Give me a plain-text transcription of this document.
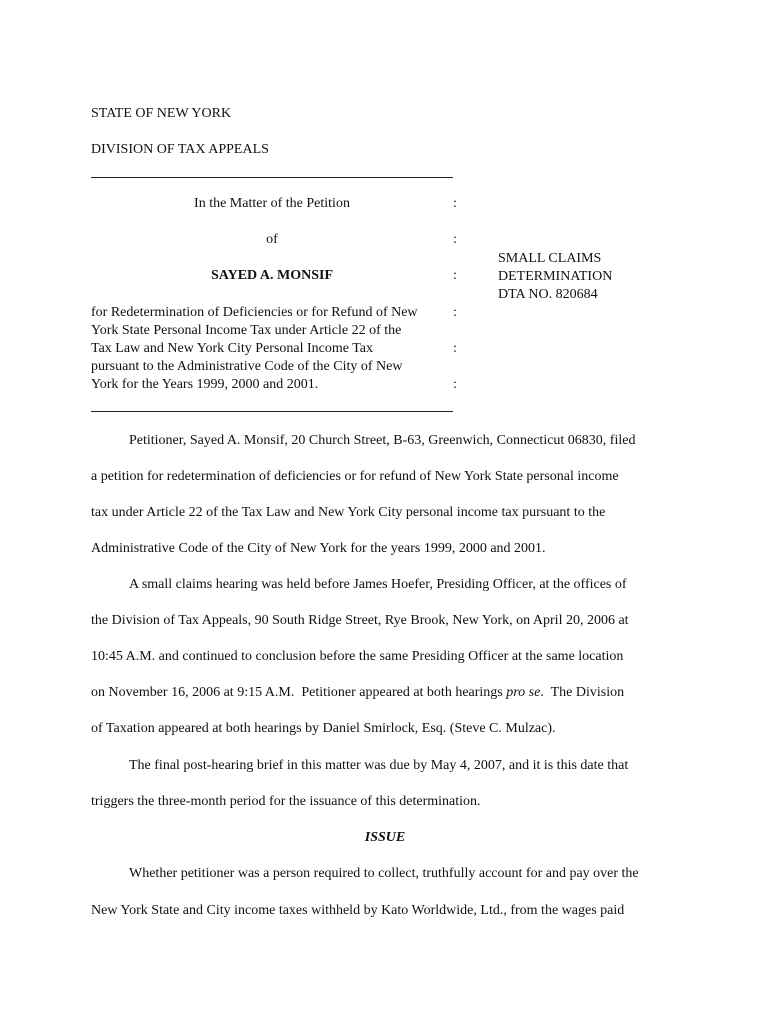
STATE OF NEW YORK
DIVISION OF TAX APPEALS
In the Matter of the Petition	:
of	:
SAYED A. MONSIF	:
for Redetermination of Deficiencies or for Refund of New
York State Personal Income Tax under Article 22 of the
Tax Law and New York City Personal Income Tax
pursuant to the Administrative Code of the City of New
York for the Years 1999, 2000 and 2001.
:
:
:
SMALL CLAIMS
DETERMINATION
DTA NO. 820684
Petitioner, Sayed A. Monsif, 20 Church Street, B-63, Greenwich, Connecticut 06830, filed
a petition for redetermination of deficiencies or for refund of New York State personal income
tax under Article 22 of the Tax Law and New York City personal income tax pursuant to the
Administrative Code of the City of New York for the years 1999, 2000 and 2001.
A small claims hearing was held before James Hoefer, Presiding Officer, at the offices of
the Division of Tax Appeals, 90 South Ridge Street, Rye Brook, New York, on April 20, 2006 at
10:45 A.M. and continued to conclusion before the same Presiding Officer at the same location
on November 16, 2006 at 9:15 A.M.  Petitioner appeared at both hearings pro se.  The Division
of Taxation appeared at both hearings by Daniel Smirlock, Esq. (Steve C. Mulzac).
The final post-hearing brief in this matter was due by May 4, 2007, and it is this date that
triggers the three-month period for the issuance of this determination.
ISSUE
Whether petitioner was a person required to collect, truthfully account for and pay over the
New York State and City income taxes withheld by Kato Worldwide, Ltd., from the wages paid
